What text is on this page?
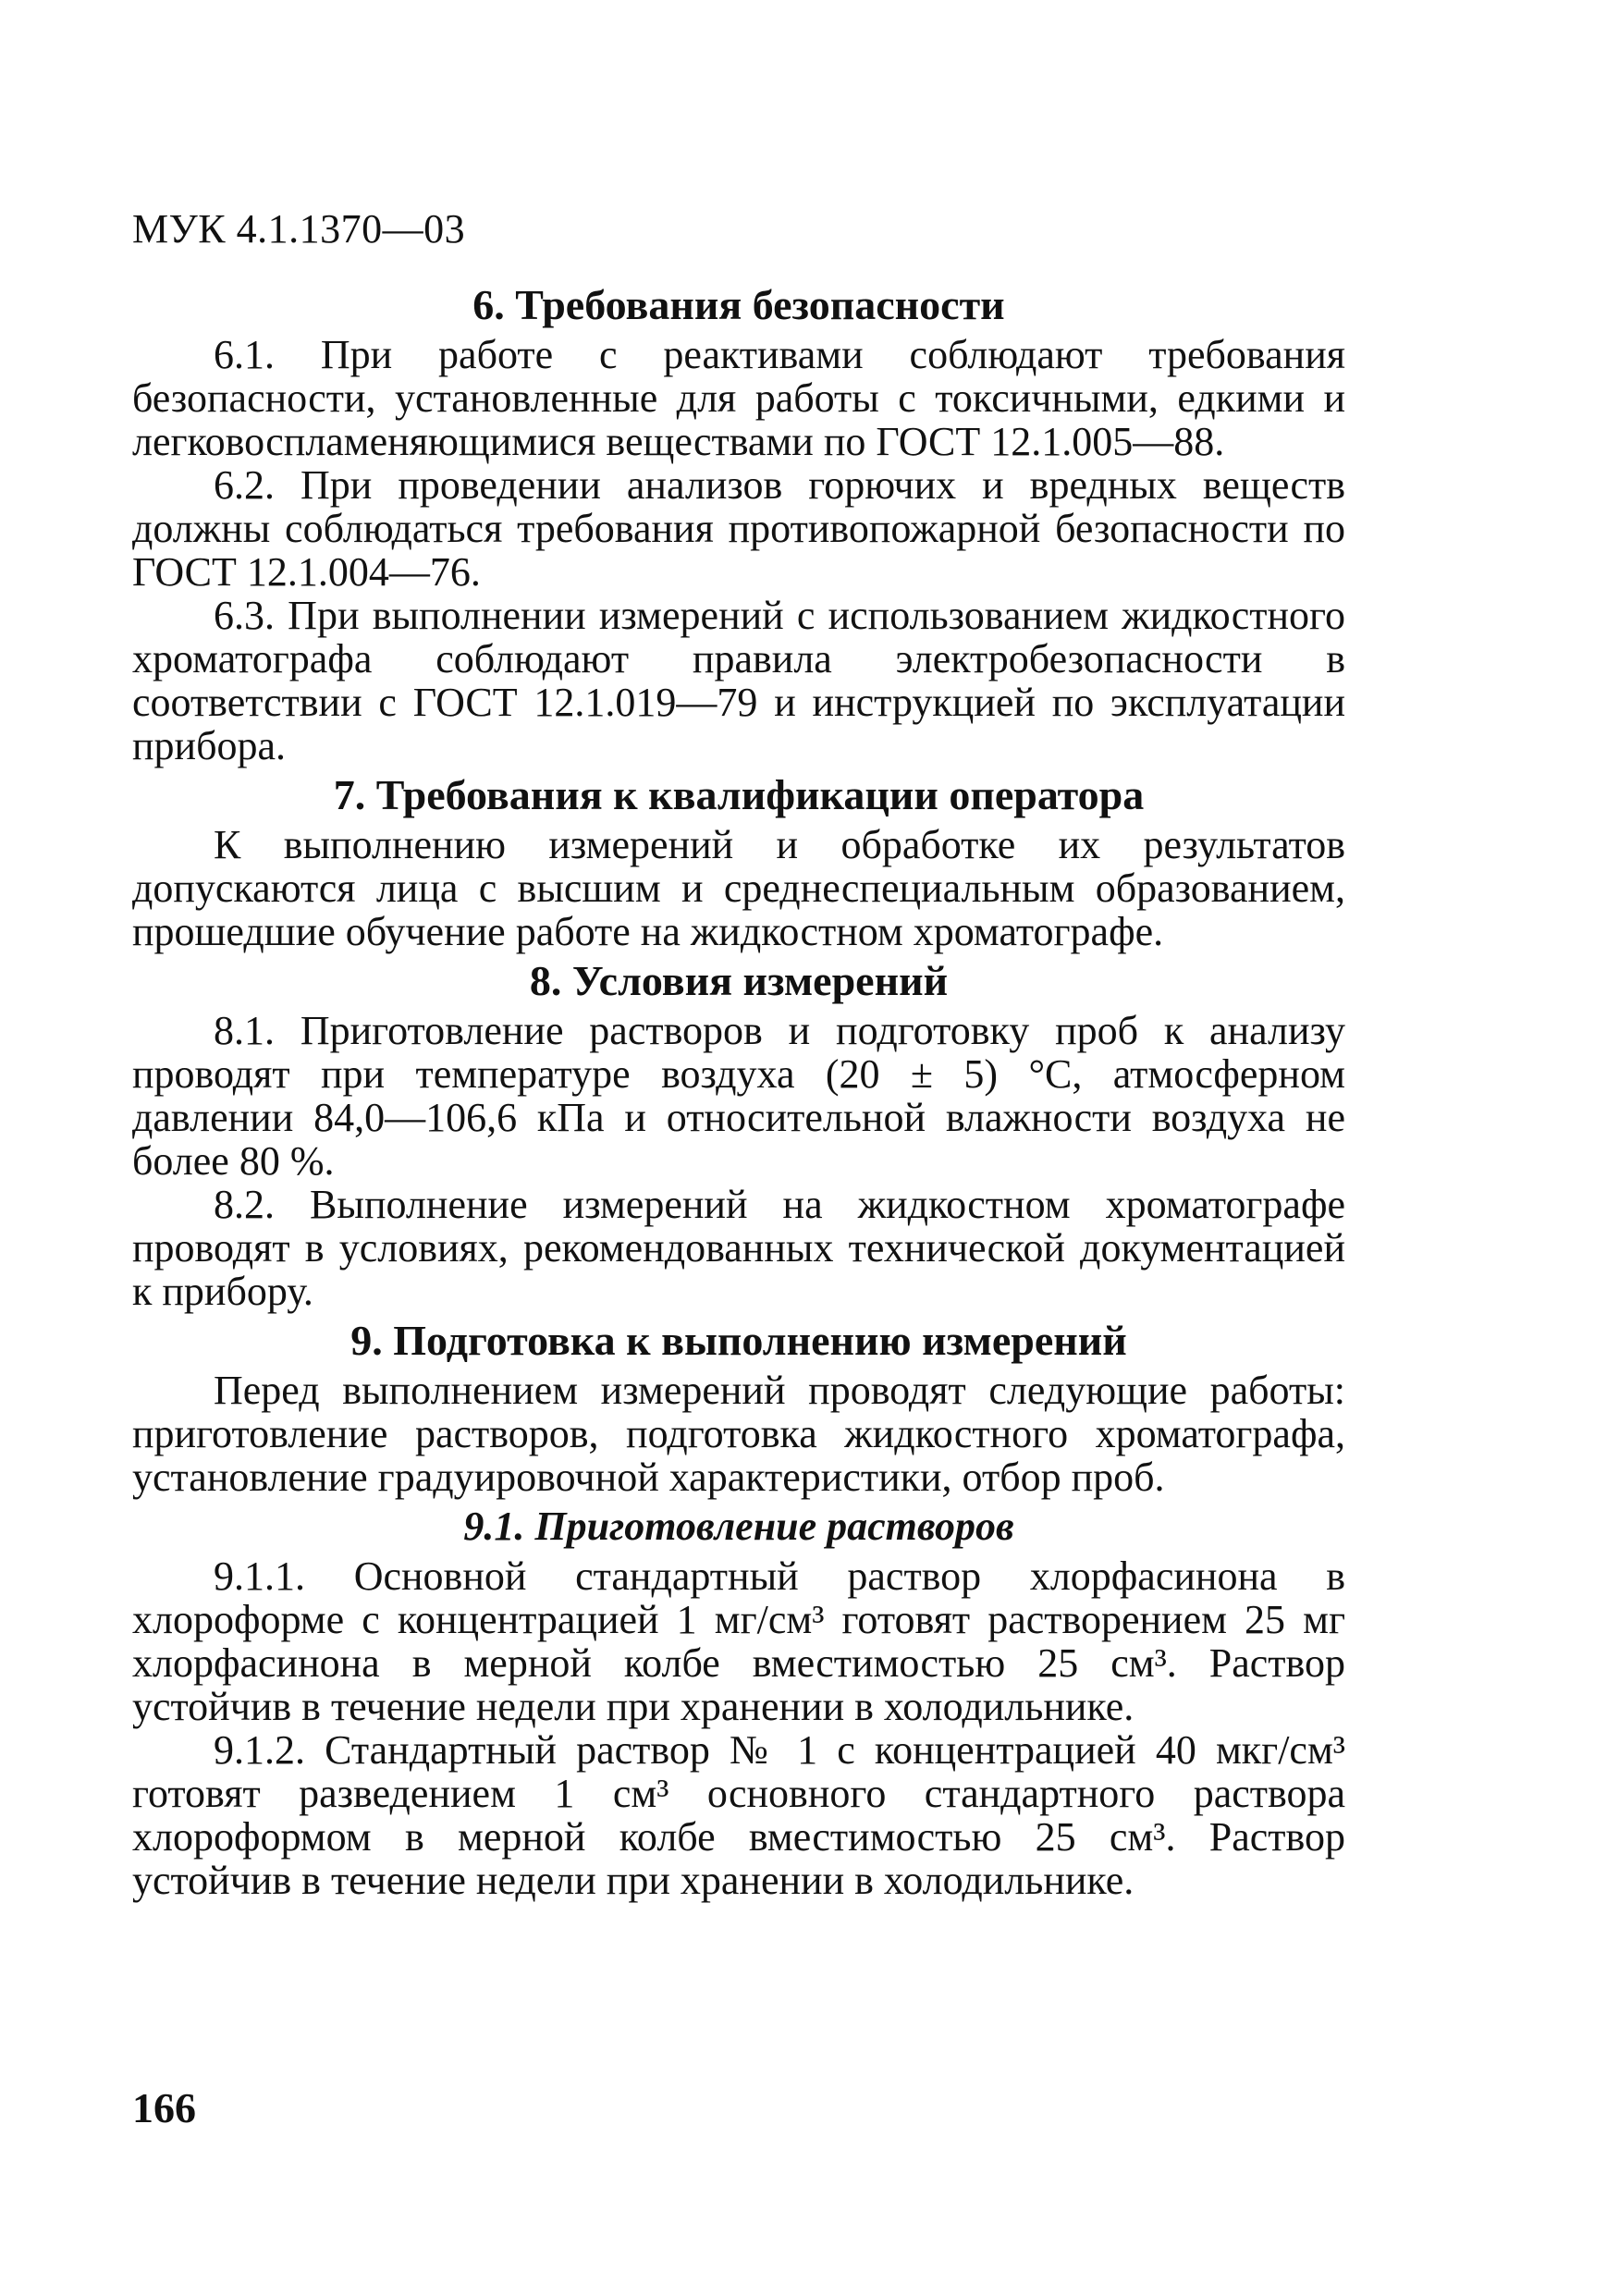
МУК 4.1.1370—03
6. Требования безопасности

6.1. При работе с реактивами соблюдают требования безопасности, установленные для работы с токсичными, едкими и легковоспламеняющимися веществами по ГОСТ 12.1.005—88.

6.2. При проведении анализов горючих и вредных веществ должны соблюдаться требования противопожарной безопасности по ГОСТ 12.1.004—76.

6.3. При выполнении измерений с использованием жидкостного хроматографа соблюдают правила электробезопасности в соответствии с ГОСТ 12.1.019—79 и инструкцией по эксплуатации прибора.

7. Требования к квалификации оператора

К выполнению измерений и обработке их результатов допускаются лица с высшим и среднеспециальным образованием, прошедшие обучение работе на жидкостном хроматографе.

8. Условия измерений

8.1. Приготовление растворов и подготовку проб к анализу проводят при температуре воздуха (20 ± 5) °С, атмосферном давлении 84,0—106,6 кПа и относительной влажности воздуха не более 80 %.

8.2. Выполнение измерений на жидкостном хроматографе проводят в условиях, рекомендованных технической документацией к прибору.

9. Подготовка к выполнению измерений

Перед выполнением измерений проводят следующие работы: приготовление растворов, подготовка жидкостного хроматографа, установление градуировочной характеристики, отбор проб.

9.1. Приготовление растворов

9.1.1. Основной стандартный раствор хлорфасинона в хлороформе с концентрацией 1 мг/см³ готовят растворением 25 мг хлорфасинона в мерной колбе вместимостью 25 см³. Раствор устойчив в течение недели при хранении в холодильнике.

9.1.2. Стандартный раствор № 1 с концентрацией 40 мкг/см³ готовят разведением 1 см³ основного стандартного раствора хлороформом в мерной колбе вместимостью 25 см³. Раствор устойчив в течение недели при хранении в холодильнике.

166
